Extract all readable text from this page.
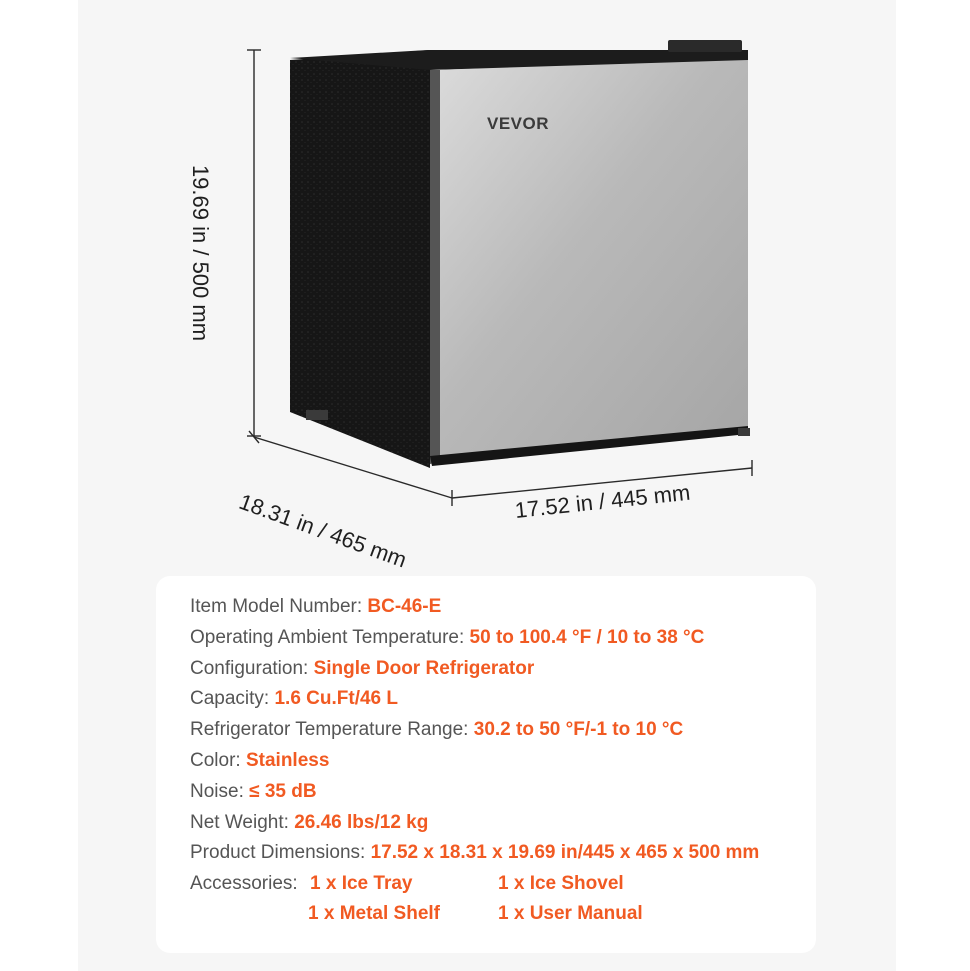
VEVOR
19.69 in / 500 mm
18.31 in / 465 mm	17.52 in / 445 mm
Item Model Number: BC-46-E
Operating Ambient Temperature: 50 to 100.4 °F / 10 to 38 °C
Configuration: Single Door Refrigerator
Capacity: 1.6 Cu.Ft/46 L
Refrigerator Temperature Range: 30.2 to 50 °F/-1 to 10 °C
Color: Stainless
Noise: ≤ 35 dB
Net Weight: 26.46 lbs/12 kg
Product Dimensions: 17.52 x 18.31 x 19.69 in/445 x 465 x 500 mm
Accessories: 1 x Ice Tray	1 x Ice Shovel
1 x Metal Shelf	1 x User Manual
